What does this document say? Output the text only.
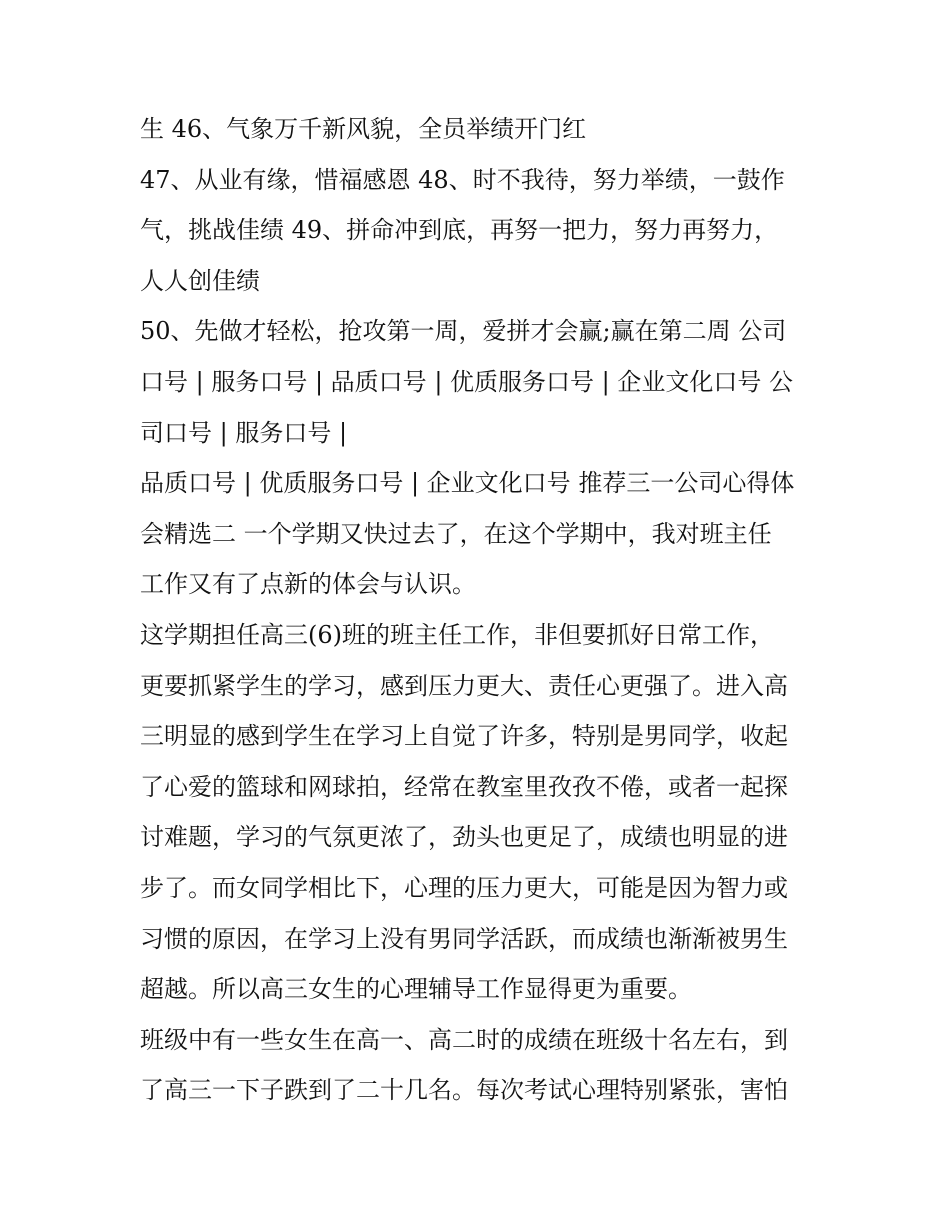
生 46、气象万千新风貌，全员举绩开门红

47、从业有缘，惜福感恩 48、时不我待，努力举绩，一鼓作
气，挑战佳绩 49、拼命冲到底，再努一把力，努力再努力，
人人创佳绩

50、先做才轻松，抢攻第一周，爱拼才会赢;赢在第二周 公司
口号 | 服务口号 | 品质口号 | 优质服务口号 | 企业文化口号 公
司口号 | 服务口号 |

品质口号 | 优质服务口号 | 企业文化口号 推荐三一公司心得体
会精选二 一个学期又快过去了，在这个学期中，我对班主任
工作又有了点新的体会与认识。

这学期担任高三(6)班的班主任工作，非但要抓好日常工作，
更要抓紧学生的学习，感到压力更大、责任心更强了。进入高
三明显的感到学生在学习上自觉了许多，特别是男同学，收起
了心爱的篮球和网球拍，经常在教室里孜孜不倦，或者一起探
讨难题，学习的气氛更浓了，劲头也更足了，成绩也明显的进
步了。而女同学相比下，心理的压力更大，可能是因为智力或
习惯的原因，在学习上没有男同学活跃，而成绩也渐渐被男生
超越。所以高三女生的心理辅导工作显得更为重要。

班级中有一些女生在高一、高二时的成绩在班级十名左右，到
了高三一下子跌到了二十几名。每次考试心理特别紧张，害怕
